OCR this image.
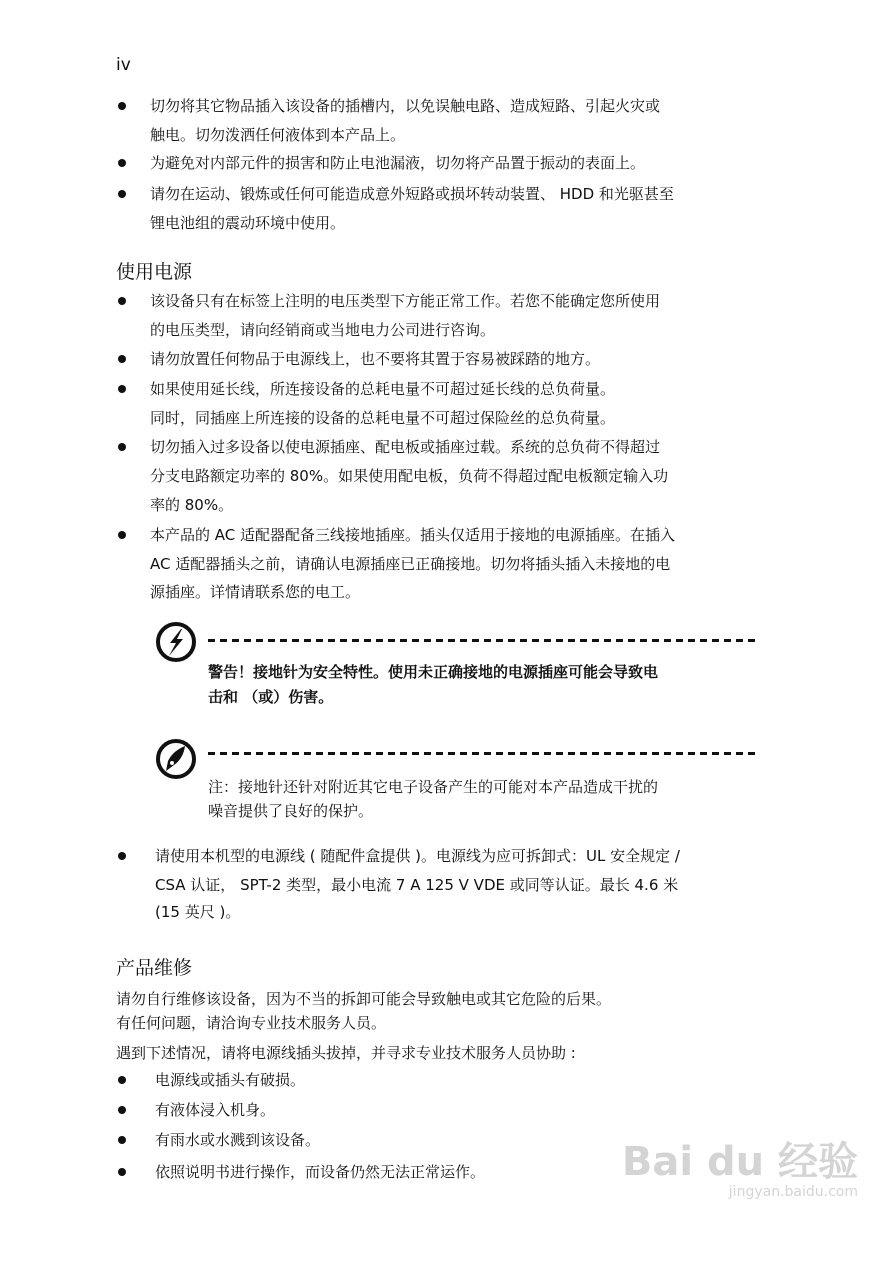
iv
切勿将其它物品插入该设备的插槽内，以免误触电路、造成短路、引起火灾或
触电。切勿泼洒任何液体到本产品上。
为避免对内部元件的损害和防止电池漏液，切勿将产品置于振动的表面上。
请勿在运动、锻炼或任何可能造成意外短路或损坏转动装置、 HDD 和光驱甚至
锂电池组的震动环境中使用。
使用电源
该设备只有在标签上注明的电压类型下方能正常工作。若您不能确定您所使用
的电压类型，请向经销商或当地电力公司进行咨询。
请勿放置任何物品于电源线上，也不要将其置于容易被踩踏的地方。
如果使用延长线，所连接设备的总耗电量不可超过延长线的总负荷量。
同时，同插座上所连接的设备的总耗电量不可超过保险丝的总负荷量。
切勿插入过多设备以使电源插座、配电板或插座过载。系统的总负荷不得超过
分支电路额定功率的 80%。如果使用配电板，负荷不得超过配电板额定输入功
率的 80%。
本产品的 AC 适配器配备三线接地插座。插头仅适用于接地的电源插座。在插入
AC 适配器插头之前，请确认电源插座已正确接地。切勿将插头插入未接地的电
源插座。详情请联系您的电工。
警告！接地针为安全特性。使用未正确接地的电源插座可能会导致电
击和 （或）伤害。
注：接地针还针对附近其它电子设备产生的可能对本产品造成干扰的
噪音提供了良好的保护。
请使用本机型的电源线 ( 随配件盒提供 )。电源线为应可拆卸式：UL 安全规定 /
CSA 认证， SPT-2 类型，最小电流 7 A 125 V VDE 或同等认证。最长 4.6 米
(15 英尺 )。
产品维修
请勿自行维修该设备，因为不当的拆卸可能会导致触电或其它危险的后果。
有任何问题，请洽询专业技术服务人员。
遇到下述情况，请将电源线插头拔掉，并寻求专业技术服务人员协助 :
电源线或插头有破损。
有液体浸入机身。
有雨水或水溅到该设备。
依照说明书进行操作，而设备仍然无法正常运作。	Bai du 经验
jingyan.baidu.com
